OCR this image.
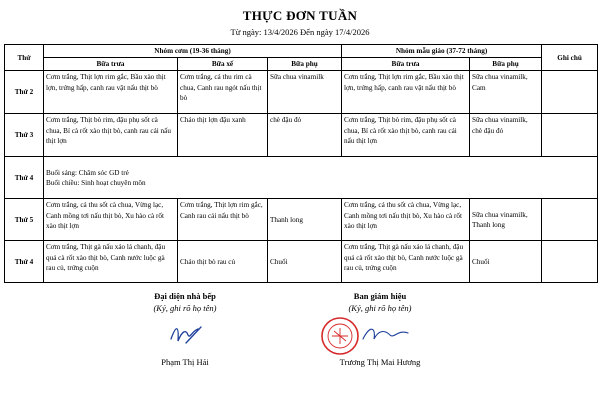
THỰC ĐƠN TUẦN
Từ ngày: 13/4/2026 Đến ngày 17/4/2026
Thứ	Nhóm cơm (19-36 tháng)			Nhóm mẫu giáo (37-72 tháng)		Ghi chú
	Bữa trưa	Bữa xế	Bữa phụ	Bữa trưa	Bữa phụ	
Thứ 2	Cơm trắng, Thịt lợn rim gắc, Bầu xào thịt lợn, trứng hấp, canh rau vật nấu thịt bò	Cơm trắng, cá thu rim cà chua, Canh rau ngót nấu thịt bò	Sữa chua vinamilk	Cơm trắng, Thịt lợn rim gắc, Bầu xào thịt lợn, trứng hấp, canh rau vật nấu thịt bò	Sữa chua vinamilk, Cam	
Thứ 3	Cơm trắng, Thịt bò rim, đậu phụ sốt cà chua, Bí cà rốt xào thịt bò, canh rau cải nấu thịt lợn	Cháo thịt lợn đậu xanh	chè đậu đỏ	Cơm trắng, Thịt bò rim, đậu phụ sốt cà chua, Bí cà rốt xào thịt bò, canh rau cải nấu thịt lợn	Sữa chua vinamilk, chè đậu đỏ	
Thứ 4	Buổi sáng: Chăm sóc GD trẻ
Buổi chiều: Sinh hoạt chuyên môn					

Thứ 5	Cơm trắng, cá thu sốt cà chua, Vừng lạc, Canh mồng tơi nấu thịt bò, Xu hào cà rốt xào thịt lợn	Cơm trắng, Thịt lợn rim gắc, Canh rau cải nấu thịt bò	Thanh long	Cơm trắng, cá thu sốt cà chua, Vừng lạc, Canh mồng tơi nấu thịt bò, Xu hào cà rốt xào thịt lợn	Sữa chua vinamilk, Thanh long	
Thứ 4	Cơm trắng, Thịt gà nấu xáo lá chanh, đậu quả cà rốt xào thịt bò, Canh nước luộc gà rau củ, trứng cuộn	Cháo thịt bò rau củ	Chuối	Cơm trắng, Thịt gà nấu xáo lá chanh, đậu quả cà rốt xào thịt bò, Canh nước luộc gà rau củ, trứng cuộn	Chuối	
Đại diện nhà bếp
(Ký, ghi rõ họ tên)
Phạm Thị Hải
Ban giám hiệu
(Ký, ghi rõ họ tên)
Trương Thị Mai Hương
